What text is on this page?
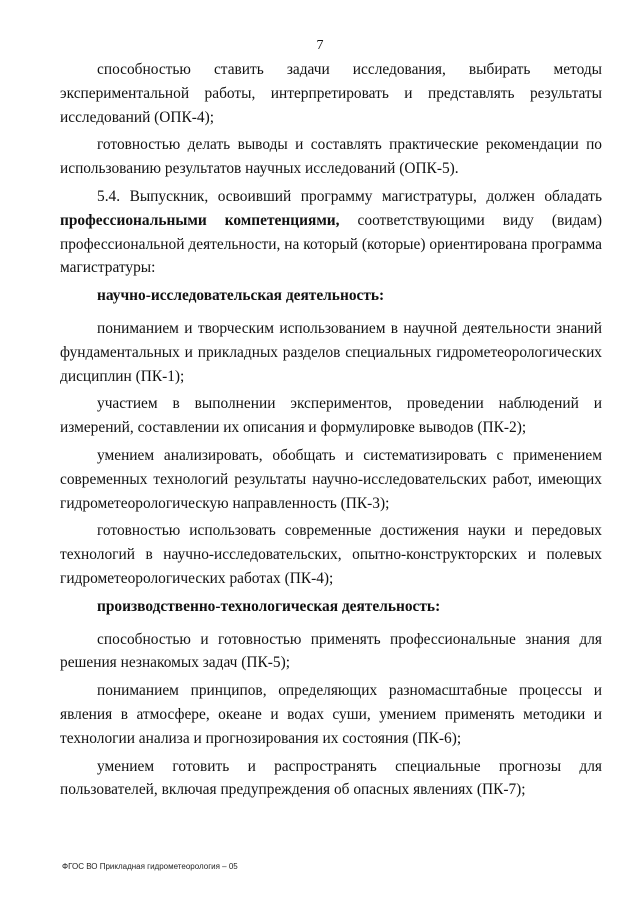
7

способностью ставить задачи исследования, выбирать методы экспериментальной работы, интерпретировать и представлять результаты исследований (ОПК-4);

готовностью делать выводы и составлять практические рекомендации по использованию результатов научных исследований (ОПК-5).

5.4. Выпускник, освоивший программу магистратуры, должен обладать профессиональными компетенциями, соответствующими виду (видам) профессиональной деятельности, на который (которые) ориентирована программа магистратуры:

научно-исследовательская деятельность:

пониманием и творческим использованием в научной деятельности знаний фундаментальных и прикладных разделов специальных гидрометеорологических дисциплин (ПК-1);

участием в выполнении экспериментов, проведении наблюдений и измерений, составлении их описания и формулировке выводов (ПК-2);

умением анализировать, обобщать и систематизировать с применением современных технологий результаты научно-исследовательских работ, имеющих гидрометеорологическую направленность (ПК-3);

готовностью использовать современные достижения науки и передовых технологий в научно-исследовательских, опытно-конструкторских и полевых гидрометеорологических работах (ПК-4);

производственно-технологическая деятельность:

способностью и готовностью применять профессиональные знания для решения незнакомых задач (ПК-5);

пониманием принципов, определяющих разномасштабные процессы и явления в атмосфере, океане и водах суши, умением применять методики и технологии анализа и прогнозирования их состояния (ПК-6);

умением готовить и распространять специальные прогнозы для пользователей, включая предупреждения об опасных явлениях (ПК-7);

ФГОС ВО Прикладная гидрометеорология – 05
